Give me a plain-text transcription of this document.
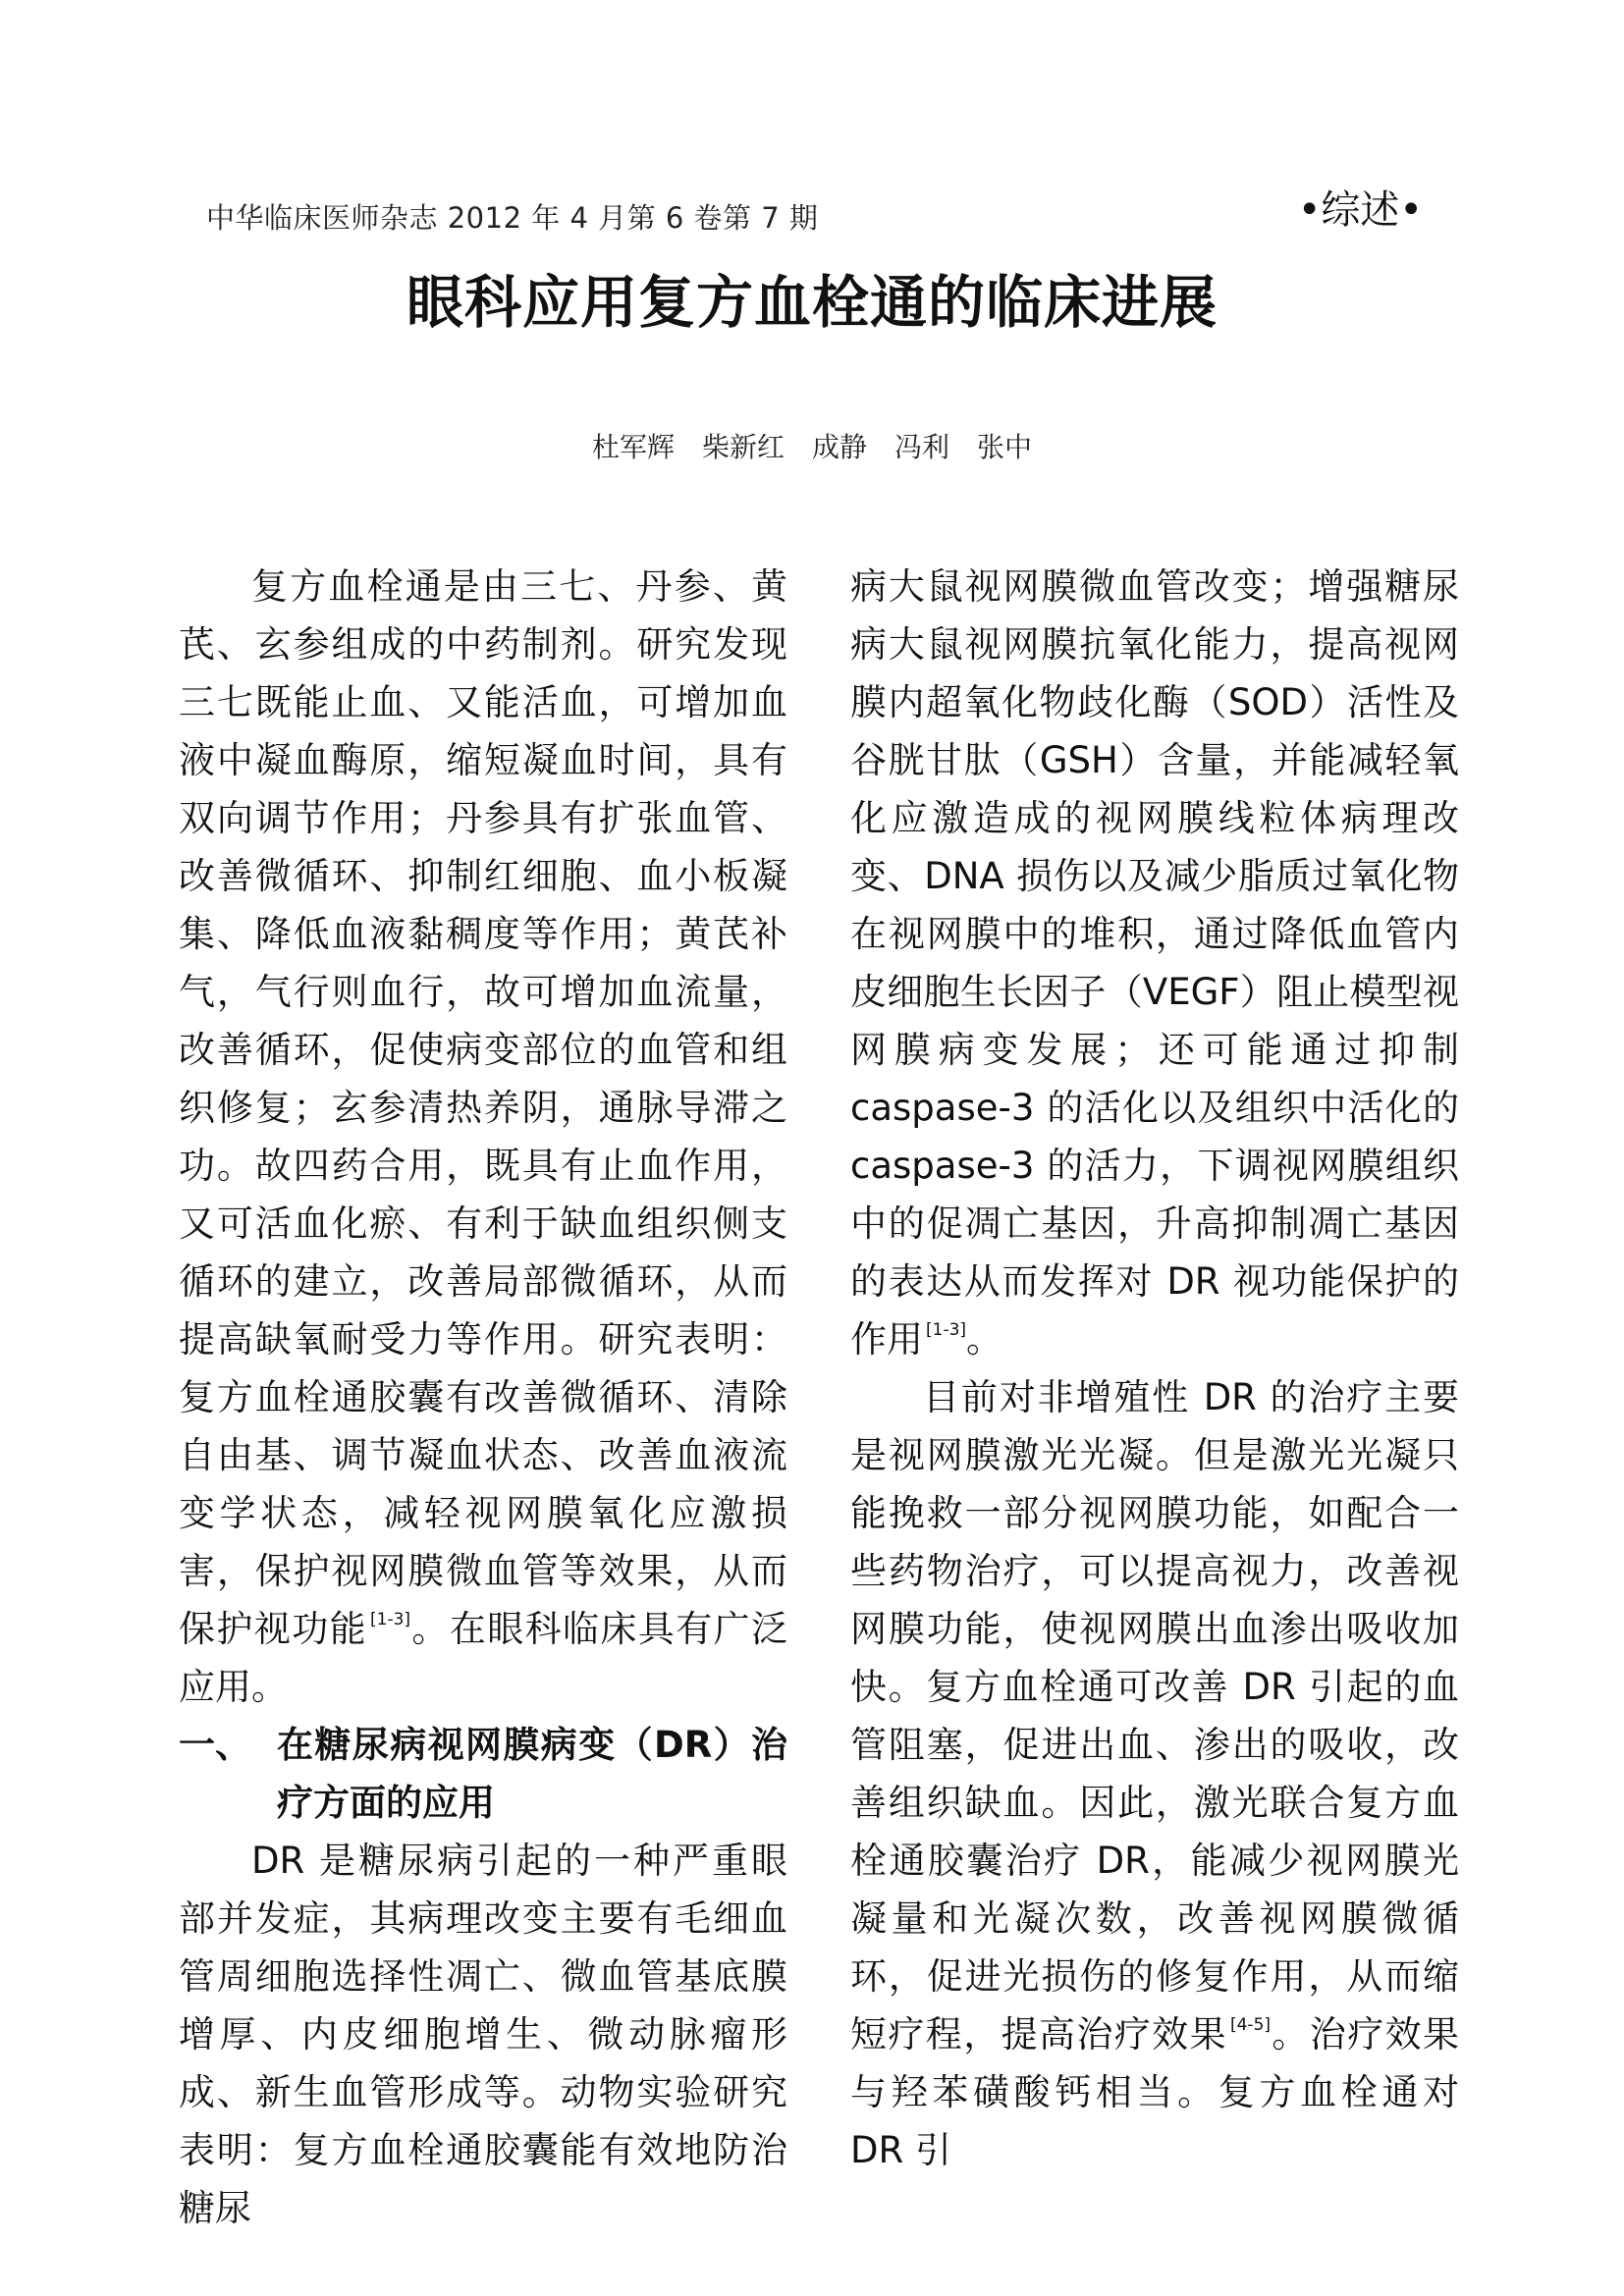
中华临床医师杂志 2012 年 4 月第 6 卷第 7 期	•综述•
眼科应用复方血栓通的临床进展
杜军辉　柴新红　成静　冯利　张中

复方血栓通是由三七、丹参、黄芪、玄参组成的中药制剂。研究发现三七既能止血、又能活血，可增加血液中凝血酶原，缩短凝血时间，具有双向调节作用；丹参具有扩张血管、改善微循环、抑制红细胞、血小板凝集、降低血液黏稠度等作用；黄芪补气，气行则血行，故可增加血流量，改善循环，促使病变部位的血管和组织修复；玄参清热养阴，通脉导滞之功。故四药合用，既具有止血作用，又可活血化瘀、有利于缺血组织侧支循环的建立，改善局部微循环，从而提高缺氧耐受力等作用。研究表明：复方血栓通胶囊有改善微循环、清除自由基、调节凝血状态、改善血液流变学状态，减轻视网膜氧化应激损害，保护视网膜微血管等效果，从而保护视功能 [1-3]。在眼科临床具有广泛应用。

一、 在糖尿病视网膜病变（DR）治疗方面的应用

DR 是糖尿病引起的一种严重眼部并发症，其病理改变主要有毛细血管周细胞选择性凋亡、微血管基底膜增厚、内皮细胞增生、微动脉瘤形成、新生血管形成等。动物实验研究表明：复方血栓通胶囊能有效地防治糖尿

病大鼠视网膜微血管改变；增强糖尿病大鼠视网膜抗氧化能力，提高视网膜内超氧化物歧化酶（SOD）活性及谷胱甘肽（GSH）含量，并能减轻氧化应激造成的视网膜线粒体病理改变、DNA 损伤以及减少脂质过氧化物在视网膜中的堆积，通过降低血管内皮细胞生长因子（VEGF）阻止模型视网膜病变发展；还可能通过抑制 caspase-3 的活化以及组织中活化的 caspase-3 的活力，下调视网膜组织中的促凋亡基因，升高抑制凋亡基因的表达从而发挥对 DR 视功能保护的作用 [1-3]。

目前对非增殖性 DR 的治疗主要是视网膜激光光凝。但是激光光凝只能挽救一部分视网膜功能，如配合一些药物治疗，可以提高视力，改善视网膜功能，使视网膜出血渗出吸收加快。复方血栓通可改善 DR 引起的血管阻塞，促进出血、渗出的吸收，改善组织缺血。因此，激光联合复方血栓通胶囊治疗 DR，能减少视网膜光凝量和光凝次数，改善视网膜微循环，促进光损伤的修复作用，从而缩短疗程，提高治疗效果 [4-5]。治疗效果与羟苯磺酸钙相当。复方血栓通对 DR 引
